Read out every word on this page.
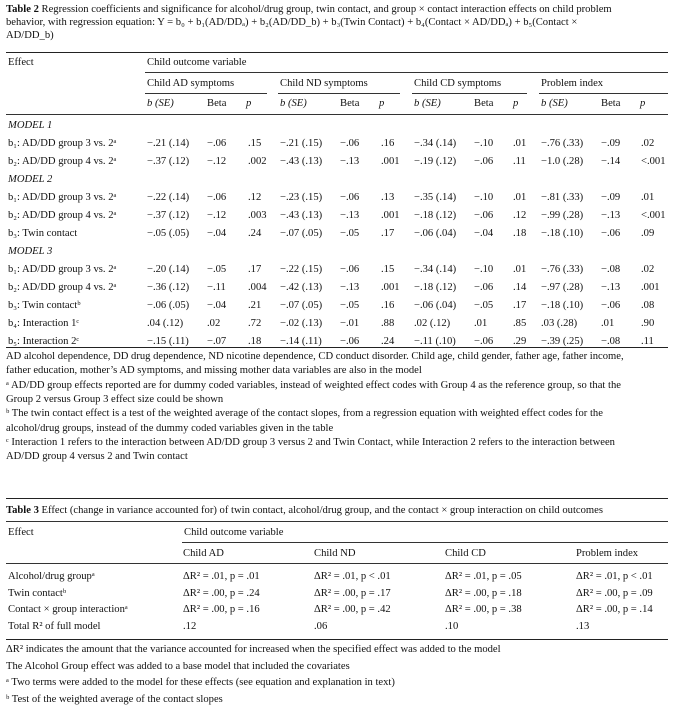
Table 2 Regression coefficients and significance for alcohol/drug group, twin contact, and group × contact interaction effects on child problem
behavior, with regression equation: Y = b₀ + b₁(AD/DDₐ) + b₂(AD/DD_b) + b₃(Twin Contact) + b₄(Contact × AD/DDₐ) + b₅(Contact ×
AD/DD_b)
Effect	Child outcome variable
Child AD symptoms
b (SE)	Beta p
Child ND symptoms
b (SE)	Beta p
Child CD symptoms
b (SE)	Beta p
Problem index
b (SE)	Beta p
MODEL 1
b₁: AD/DD group 3 vs. 2ᵃ	−.21 (.14) −.06 .15 −.21 (.15) −.06 .16 −.34 (.14) −.10 .01 −.76 (.33) −.09 .02
b₂: AD/DD group 4 vs. 2ᵃ	−.37 (.12) −.12 .002 −.43 (.13) −.13 .001 −.19 (.12) −.06 .11 −1.0 (.28) −.14 <.001
MODEL 2
b₁: AD/DD group 3 vs. 2ᵃ	−.22 (.14) −.06 .12 −.23 (.15) −.06 .13 −.35 (.14) −.10 .01 −.81 (.33) −.09 .01
b₂: AD/DD group 4 vs. 2ᵃ	−.37 (.12) −.12 .003 −.43 (.13) −.13 .001 −.18 (.12) −.06 .12 −.99 (.28) −.13 <.001
b₃: Twin contact	−.05 (.05) −.04 .24 −.07 (.05) −.05 .17 −.06 (.04) −.04 .18 −.18 (.10) −.06 .09
MODEL 3
b₁: AD/DD group 3 vs. 2ᵃ	−.20 (.14) −.05 .17 −.22 (.15) −.06 .15 −.34 (.14) −.10 .01 −.76 (.33) −.08 .02
b₂: AD/DD group 4 vs. 2ᵃ	−.36 (.12) −.11 .004 −.42 (.13) −.13 .001 −.18 (.12) −.06 .14 −.97 (.28) −.13 .001
b₃: Twin contactᵇ	−.06 (.05) −.04 .21 −.07 (.05) −.05 .16 −.06 (.04) −.05 .17 −.18 (.10) −.06 .08
b₄: Interaction 1ᶜ	.04 (.12) .02	.72 −.02 (.13) −.01 .88 .02 (.12) .01 .85 .03 (.28) .01	.90
b₅: Interaction 2ᶜ	−.15 (.11) −.07 .18 −.14 (.11) −.06 .24 −.11 (.10) −.06 .29 −.39 (.25) −.08 .11
AD alcohol dependence, DD drug dependence, ND nicotine dependence, CD conduct disorder. Child age, child gender, father age, father income,
father education, mother’s AD symptoms, and missing mother data variables are also in the model
ᵃ AD/DD group effects reported are for dummy coded variables, instead of weighted effect codes with Group 4 as the reference group, so that the
Group 2 versus Group 3 effect size could be shown
ᵇ The twin contact effect is a test of the weighted average of the contact slopes, from a regression equation with weighted effect codes for the
alcohol/drug groups, instead of the dummy coded variables given in the table
ᶜ Interaction 1 refers to the interaction between AD/DD group 3 versus 2 and Twin Contact, while Interaction 2 refers to the interaction between
AD/DD group 4 versus 2 and Twin contact
Table 3 Effect (change in variance accounted for) of twin contact, alcohol/drug group, and the contact × group interaction on child outcomes
Effect	Child outcome variable
Child AD	Child ND	Child CD	Problem index
Alcohol/drug groupᵃ	ΔR² = .01, p = .01	ΔR² = .01, p < .01	ΔR² = .01, p = .05	ΔR² = .01, p < .01
Twin contactᵇ	ΔR² = .00, p = .24	ΔR² = .00, p = .17	ΔR² = .00, p = .18	ΔR² = .00, p = .09
Contact × group interactionᵃ	ΔR² = .00, p = .16	ΔR² = .00, p = .42	ΔR² = .00, p = .38	ΔR² = .00, p = .14
Total R² of full model	.12	.06	.10	.13
ΔR² indicates the amount that the variance accounted for increased when the specified effect was added to the model
The Alcohol Group effect was added to a base model that included the covariates
ᵃ Two terms were added to the model for these effects (see equation and explanation in text)
ᵇ Test of the weighted average of the contact slopes
